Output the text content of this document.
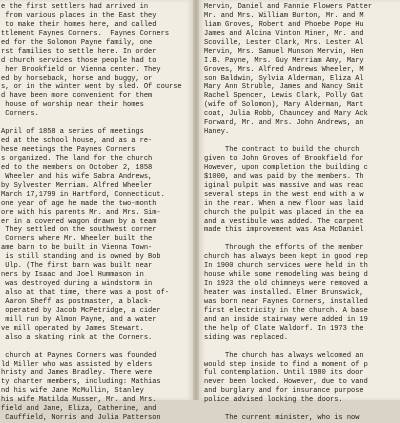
e the first settlers had arrived in
from various places in the East they
to make their homes here, and called
ttlement Faynes Corners.  Faynes Corners
ed for the Solomon Payne family, one
rst families to settle here. In order
d church services those people had to
her Brookfield or Vienna center. They
ed by horseback, horse and buggy, or
s, or in the winter went by sled. Of course
d have been more convenient for them
house of worship near their homes
Corners.
April of 1858 a series of meetings
ed at the school house, and as a re-
hese meetings the Paynes Corners
s organized. The land for the church
ed to the members on October 2, 1858
Wheeler and his wife Sabra Andrews,
by Sylvester Merriam. Alfred Wheeler
March 17,1799 in Hartford, Connecticut.
one year of age he made the two-month
ore with his parents Mr. and Mrs. Sim-
er in a covered wagon drawn by a team
They settled on the southwest corner
Corners where Mr. Wheeler built the
ame barn to be built in Vienna Town-
is still standing and is owned by Bob
Ulp. (The first barn was built near
ners by Isaac and Joel Hummason in
was destroyed during a windstorm in
also at that time, there was a post of-
Aaron Sheff as postmaster, a black-
operated by Jacob McPetridge, a cider
mill run by Almon Payne, and a water
ve mill operated by James Stewart.
also a skating rink at the Corners.
church at Paynes Corners was founded
ld Miller who was assisted by elders
hristy and James Bradley. There were
ty charter members, including: Mathias
nd his wife Jane McMullin, Stanley
his wife Matilda Musser, Mr. and Mrs.
field and Jane, Eliza, Catherine, and
Cauffield, Norris and Julia Patterson
Mervin, Daniel and Fannie Flowers Patter
Mr. and Mrs. William Burton, Mr. and M
liam Groves, Robert and Phoebe Pope Hu
James and Alcina Vinton Miner, Mr. and
Scoville, Lester Clark, Mrs. Lester Al
Mervin, Mrs. Samuel Munson Mervin, Hen
I.B. Payne, Mrs. Guy Merriam Amy, Mary
Groves, Mrs. Alfred Andrews Wheeler, M
son Baldwin, Sylvia Alderman, Eliza Al
Mary Ann Struble, James and Nancy Smit
Rachel Spencer, Lewis Clark, Polly Gat
(wife of Solomon), Mary Alderman, Mart
coat, Julia Robb, Chauncey and Mary Ack
Forward, Mr. and Mrs. John Andrews, an
Haney.
The contract to build the church
given to John Groves of Brookfield for
However, upon completion the building c
$1000, and was paid by the members. Th
iginal pulpit was massive and was reac
several steps in the west end with a w
in the rear. When a new floor was laid
church the pulpit was placed in the ea
and a vestibule was added. The carpent
made this improvement was Asa McDaniel
Through the efforts of the member
church has always been kept in good rep
In 1900 church services were held in th
house while some remodeling was being d
In 1923 the old chimneys were removed a
heater was installed. Elmer Brunswick,
was born near Faynes Corners, installed
first electricity in the church. A base
and an inside stairway were added in 19
the help of Clate Waldorf. In 1973 the
siding was replaced.
The church has always welcomed an
would step inside to find a moment of p
ful contemplation. Until 1980 its door
never been locked. However, due to vand
and burglary and for insurance purpose
police advised locking the doors.
The current minister, who is now
